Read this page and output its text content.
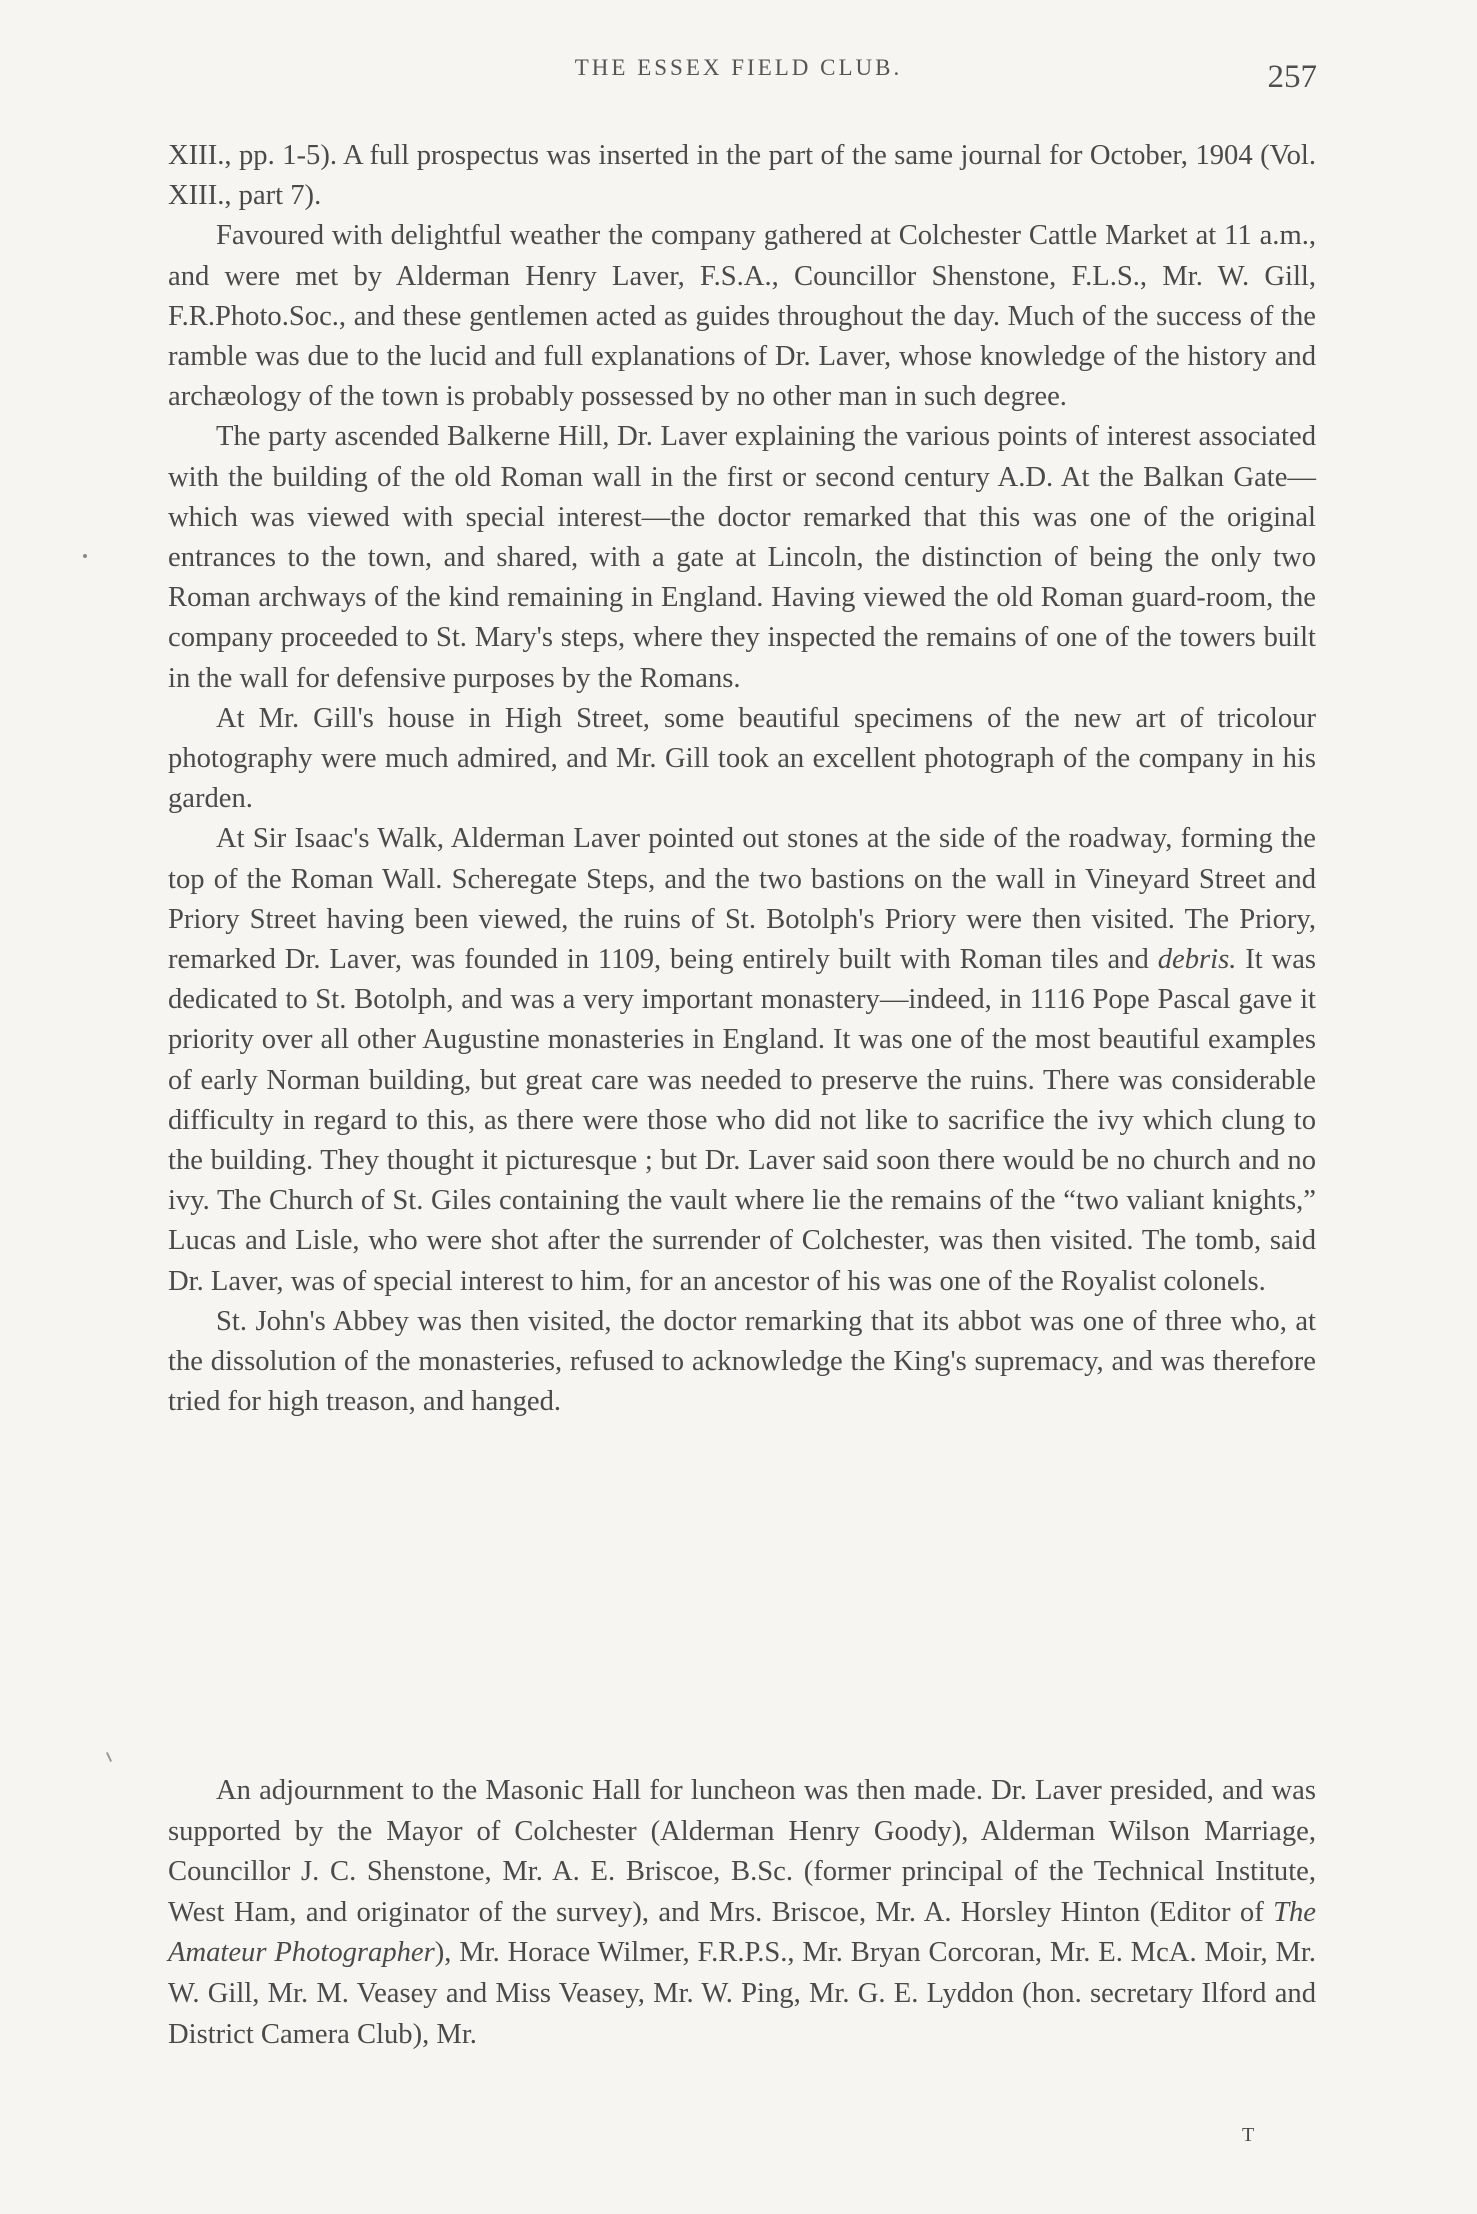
THE ESSEX FIELD CLUB.	257

XIII., pp. 1-5). A full prospectus was inserted in the part of the same journal for October, 1904 (Vol. XIII., part 7).

Favoured with delightful weather the company gathered at Colchester Cattle Market at 11 a.m., and were met by Alderman Henry Laver, F.S.A., Councillor Shenstone, F.L.S., Mr. W. Gill, F.R.Photo.Soc., and these gentlemen acted as guides throughout the day. Much of the success of the ramble was due to the lucid and full explanations of Dr. Laver, whose knowledge of the history and archæology of the town is probably possessed by no other man in such degree.

The party ascended Balkerne Hill, Dr. Laver explaining the various points of interest associated with the building of the old Roman wall in the first or second century A.D. At the Balkan Gate—which was viewed with special interest—the doctor remarked that this was one of the original entrances to the town, and shared, with a gate at Lincoln, the distinction of being the only two Roman archways of the kind remaining in England. Having viewed the old Roman guard-room, the company proceeded to St. Mary's steps, where they inspected the remains of one of the towers built in the wall for defensive purposes by the Romans.

At Mr. Gill's house in High Street, some beautiful specimens of the new art of tricolour photography were much admired, and Mr. Gill took an excellent photograph of the company in his garden.

At Sir Isaac's Walk, Alderman Laver pointed out stones at the side of the roadway, forming the top of the Roman Wall. Scheregate Steps, and the two bastions on the wall in Vineyard Street and Priory Street having been viewed, the ruins of St. Botolph's Priory were then visited. The Priory, remarked Dr. Laver, was founded in 1109, being entirely built with Roman tiles and debris. It was dedicated to St. Botolph, and was a very important monastery—indeed, in 1116 Pope Pascal gave it priority over all other Augustine monasteries in England. It was one of the most beautiful examples of early Norman building, but great care was needed to preserve the ruins. There was considerable difficulty in regard to this, as there were those who did not like to sacrifice the ivy which clung to the building. They thought it picturesque ; but Dr. Laver said soon there would be no church and no ivy. The Church of St. Giles containing the vault where lie the remains of the “two valiant knights,” Lucas and Lisle, who were shot after the surrender of Colchester, was then visited. The tomb, said Dr. Laver, was of special interest to him, for an ancestor of his was one of the Royalist colonels.

St. John's Abbey was then visited, the doctor remarking that its abbot was one of three who, at the dissolution of the monasteries, refused to acknowledge the King's supremacy, and was therefore tried for high treason, and hanged.

An adjournment to the Masonic Hall for luncheon was then made. Dr. Laver presided, and was supported by the Mayor of Colchester (Alderman Henry Goody), Alderman Wilson Marriage, Councillor J. C. Shenstone, Mr. A. E. Briscoe, B.Sc. (former principal of the Technical Institute, West Ham, and originator of the survey), and Mrs. Briscoe, Mr. A. Horsley Hinton (Editor of The Amateur Photographer), Mr. Horace Wilmer, F.R.P.S., Mr. Bryan Corcoran, Mr. E. McA. Moir, Mr. W. Gill, Mr. M. Veasey and Miss Veasey, Mr. W. Ping, Mr. G. E. Lyddon (hon. secretary Ilford and District Camera Club), Mr.

T
